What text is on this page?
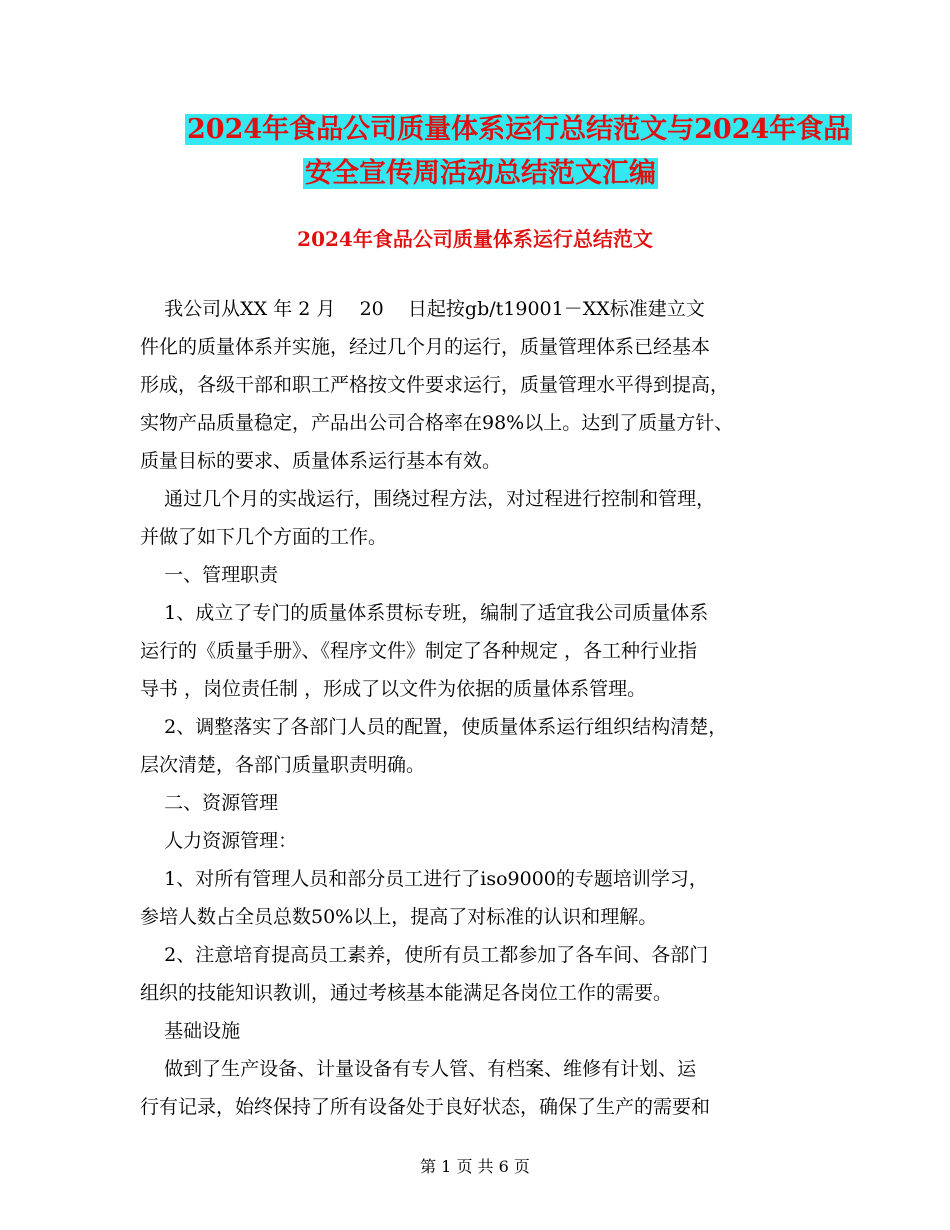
2024年食品公司质量体系运行总结范文与2024年食品
安全宣传周活动总结范文汇编
2024年食品公司质量体系运行总结范文
我公司从XX 年 2 月    20    日起按gb/t19001－XX标准建立文
件化的质量体系并实施，经过几个月的运行，质量管理体系已经基本
形成，各级干部和职工严格按文件要求运行，质量管理水平得到提高，
实物产品质量稳定，产品出公司合格率在98%以上。达到了质量方针、
质量目标的要求、质量体系运行基本有效。
通过几个月的实战运行，围绕过程方法，对过程进行控制和管理，
并做了如下几个方面的工作。
一、管理职责
1、成立了专门的质量体系贯标专班，编制了适宜我公司质量体系
运行的《质量手册》、《程序文件》制定了各种规定 ，各工种行业指
导书 ，岗位责任制 ，形成了以文件为依据的质量体系管理。
2、调整落实了各部门人员的配置，使质量体系运行组织结构清楚，
层次清楚，各部门质量职责明确。
二、资源管理
人力资源管理：
1、对所有管理人员和部分员工进行了iso9000的专题培训学习，
参培人数占全员总数50%以上，提高了对标准的认识和理解。
2、注意培育提高员工素养，使所有员工都参加了各车间、各部门
组织的技能知识教训，通过考核基本能满足各岗位工作的需要。
基础设施
做到了生产设备、计量设备有专人管、有档案、维修有计划、运
行有记录，始终保持了所有设备处于良好状态，确保了生产的需要和
第 1 页 共 6 页
